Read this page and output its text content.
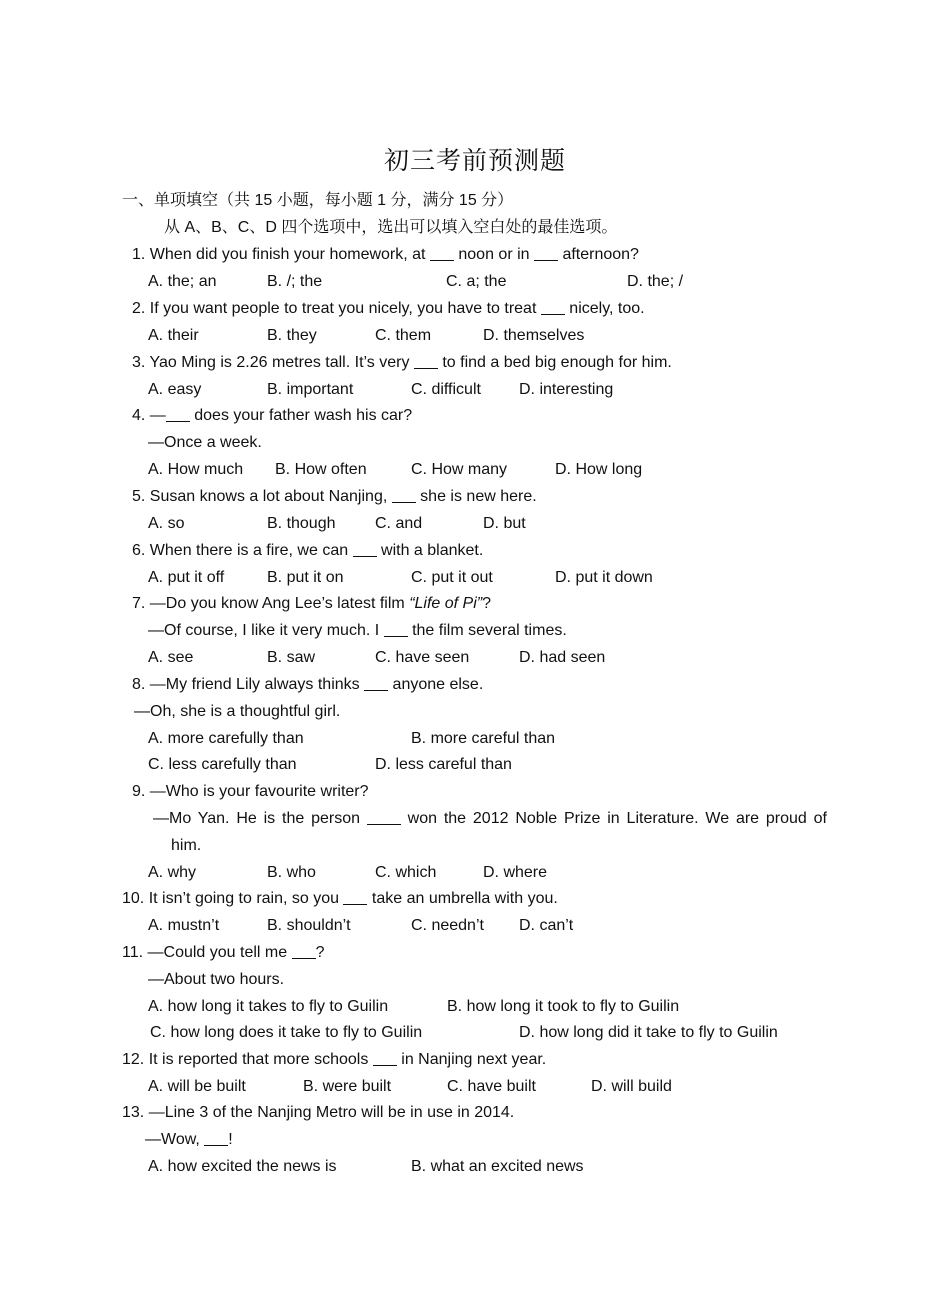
初三考前预测题
一、单项填空（共 15 小题，每小题 1 分，满分 15 分）
从 A、B、C、D 四个选项中，选出可以填入空白处的最佳选项。
1. When did you finish your homework, at  noon or in  afternoon?
A. the; an	B. /; the	C. a; the	D. the; /
2. If you want people to treat you nicely, you have to treat  nicely, too.
A. their	B. they	C. them	D. themselves
3. Yao Ming is 2.26 metres tall. It’s very  to find a bed big enough for him.
A. easy	B. important	C. difficult D. interesting
4. — does your father wash his car?
—Once a week.
A. How much B. How often	C. How many	D. How long
5. Susan knows a lot about Nanjing,  she is new here.
A. so	B. though C. and	D. but
6. When there is a fire, we can  with a blanket.
A. put it off	B. put it on	C. put it out	D. put it down
7. —Do you know Ang Lee’s latest film “Life of Pi”?
—Of course, I like it very much. I  the film several times.
A. see	B. saw	C. have seen	D. had seen
8. —My friend Lily always thinks  anyone else.
—Oh, she is a thoughtful girl.
A. more carefully than	B. more careful than
C. less carefully than	D. less careful than
9. —Who is your favourite writer?
—Mo Yan. He is the person  won the 2012 Noble Prize in Literature. We are proud of
him.
A. why	B. who	C. which	D. where
10. It isn’t going to rain, so you  take an umbrella with you.
A. mustn’t	B. shouldn’t	C. needn’t D. can’t
11. —Could you tell me ?
—About two hours.
A. how long it takes to fly to Guilin	B. how long it took to fly to Guilin
C. how long does it take to fly to Guilin	D. how long did it take to fly to Guilin
12. It is reported that more schools  in Nanjing next year.
A. will be built	B. were built	C. have built	D. will build
13. —Line 3 of the Nanjing Metro will be in use in 2014.
—Wow, !
A. how excited the news is	B. what an excited news
